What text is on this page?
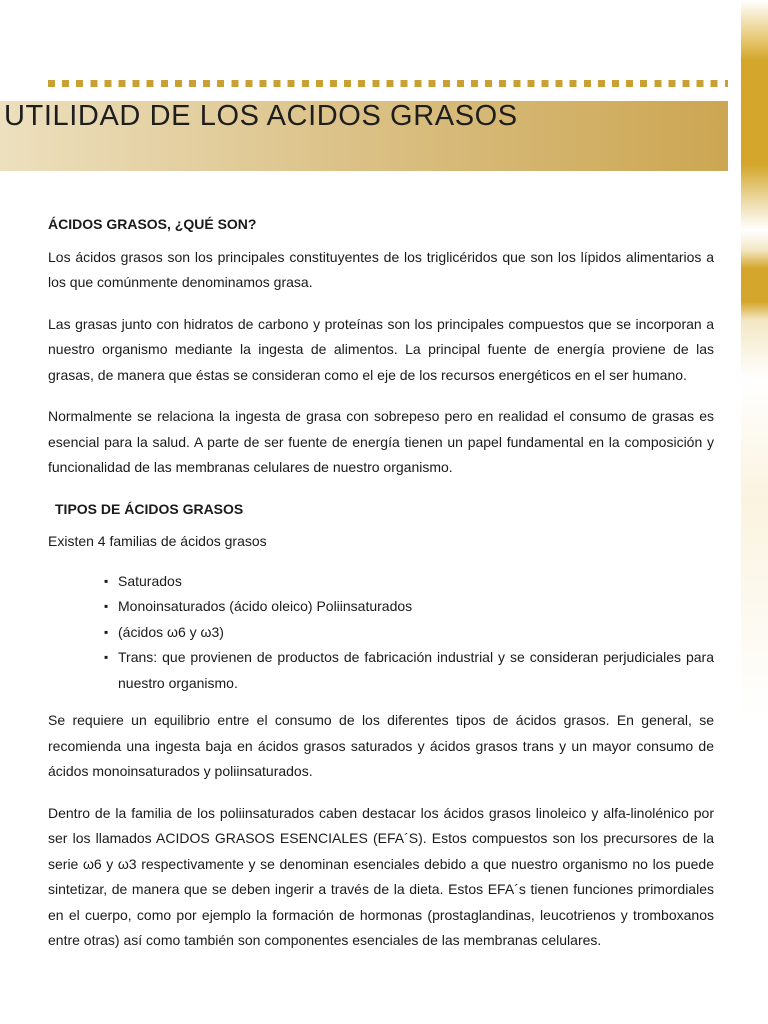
UTILIDAD DE LOS ACIDOS GRASOS
ÁCIDOS GRASOS, ¿QUÉ SON?

Los ácidos grasos son los principales constituyentes de los triglicéridos que son los lípidos alimentarios a los que comúnmente denominamos grasa.

Las grasas junto con hidratos de carbono y proteínas son los principales compuestos que se incorporan a nuestro organismo mediante la ingesta de alimentos. La principal fuente de energía proviene de las grasas, de manera que éstas se consideran como el eje de los recursos energéticos en el ser humano.

Normalmente se relaciona la ingesta de grasa con sobrepeso pero en realidad el consumo de grasas es esencial para la salud. A parte de ser fuente de energía tienen un papel fundamental en la composición y funcionalidad de las membranas celulares de nuestro organismo.

TIPOS DE ÁCIDOS GRASOS

Existen 4 familias de ácidos grasos

▪ Saturados
▪ Monoinsaturados (ácido oleico) Poliinsaturados
▪ (ácidos ω6 y ω3)
▪ Trans: que provienen de productos de fabricación industrial y se consideran perjudiciales para nuestro organismo.

Se requiere un equilibrio entre el consumo de los diferentes tipos de ácidos grasos. En general, se recomienda una ingesta baja en ácidos grasos saturados y ácidos grasos trans y un mayor consumo de ácidos monoinsaturados y poliinsaturados.

Dentro de la familia de los poliinsaturados caben destacar los ácidos grasos linoleico y alfa-linolénico por ser los llamados ACIDOS GRASOS ESENCIALES (EFA´S). Estos compuestos son los precursores de la serie ω6 y ω3 respectivamente y se denominan esenciales debido a que nuestro organismo no los puede sintetizar, de manera que se deben ingerir a través de la dieta. Estos EFA´s tienen funciones primordiales en el cuerpo, como por ejemplo la formación de hormonas (prostaglandinas, leucotrienos y tromboxanos entre otras) así como también son componentes esenciales de las membranas celulares.
